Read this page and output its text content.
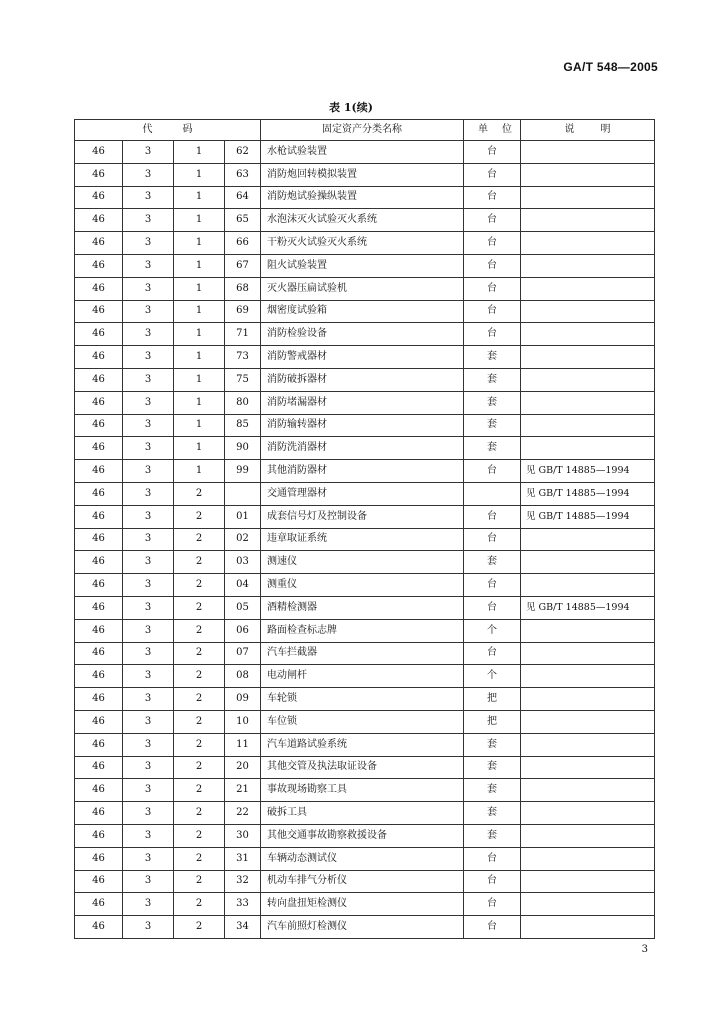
GA/T 548—2005
表 1(续)
代码				固定资产分类名称	单位	说明
46	3	1	62	水枪试验装置	台	
46	3	1	63	消防炮回转模拟装置	台	
46	3	1	64	消防炮试验操纵装置	台	
46	3	1	65	水泡沫灭火试验灭火系统	台	
46	3	1	66	干粉灭火试验灭火系统	台	
46	3	1	67	阻火试验装置	台	
46	3	1	68	灭火器压扁试验机	台	
46	3	1	69	烟密度试验箱	台	
46	3	1	71	消防检验设备	台	
46	3	1	73	消防警戒器材	套	
46	3	1	75	消防破拆器材	套	
46	3	1	80	消防堵漏器材	套	
46	3	1	85	消防输转器材	套	
46	3	1	90	消防洗消器材	套	
46	3	1	99	其他消防器材	台	见 GB/T 14885—1994
46	3	2		交通管理器材		见 GB/T 14885—1994
46	3	2	01	成套信号灯及控制设备	台	见 GB/T 14885—1994
46	3	2	02	违章取证系统	台	
46	3	2	03	测速仪	套	
46	3	2	04	测重仪	台	
46	3	2	05	酒精检测器	台	见 GB/T 14885—1994
46	3	2	06	路面检查标志牌	个	
46	3	2	07	汽车拦截器	台	
46	3	2	08	电动闸杆	个	
46	3	2	09	车轮锁	把	
46	3	2	10	车位锁	把	
46	3	2	11	汽车道路试验系统	套	
46	3	2	20	其他交管及执法取证设备	套	
46	3	2	21	事故现场勘察工具	套	
46	3	2	22	破拆工具	套	
46	3	2	30	其他交通事故勘察救援设备	套	
46	3	2	31	车辆动态测试仪	台	
46	3	2	32	机动车排气分析仪	台	
46	3	2	33	转向盘扭矩检测仪	台	
46	3	2	34	汽车前照灯检测仪	台	
3
